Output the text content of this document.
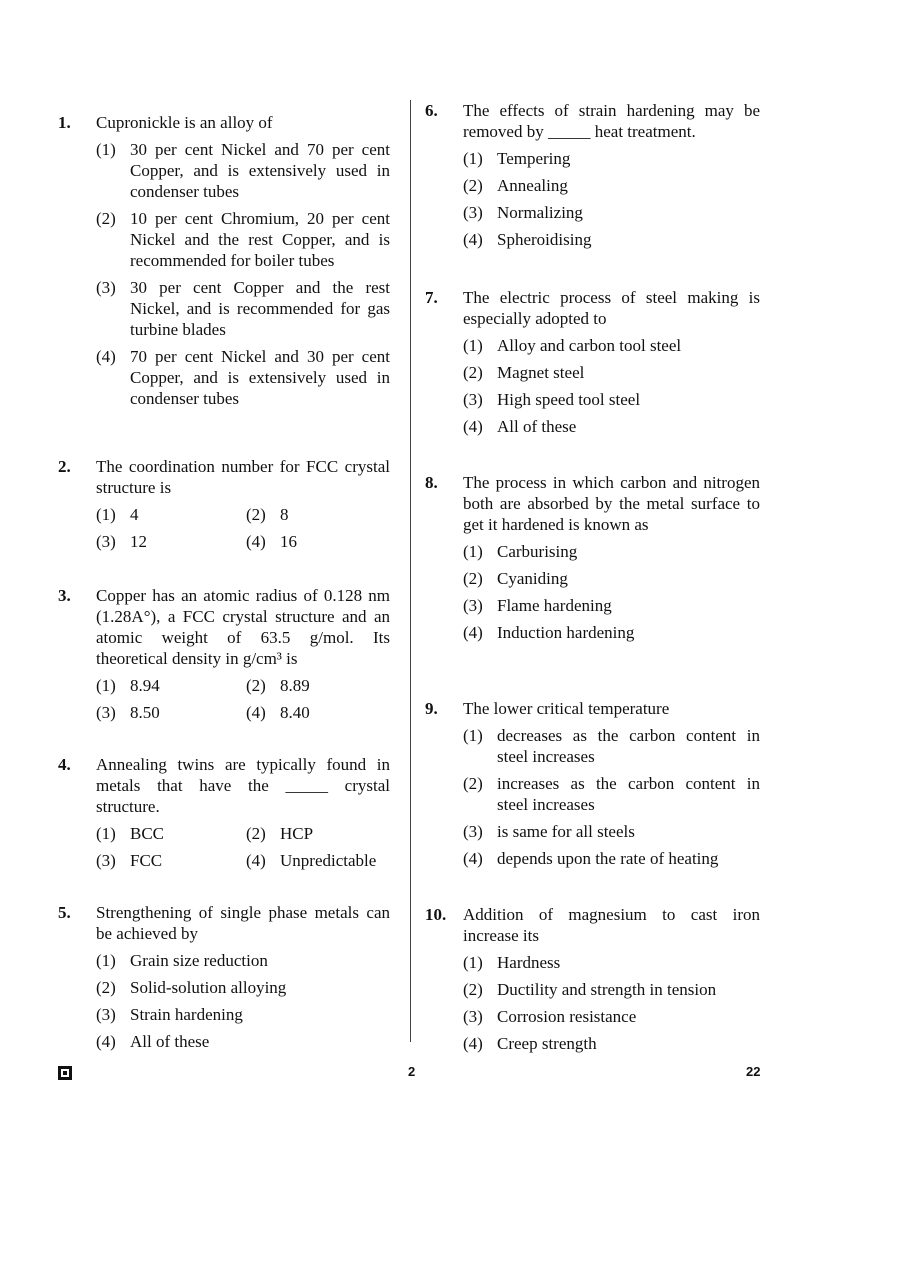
1. Cupronickle is an alloy of
(1) 30 per cent Nickel and 70 per cent Copper, and is extensively used in condenser tubes
(2) 10 per cent Chromium, 20 per cent Nickel and the rest Copper, and is recommended for boiler tubes
(3) 30 per cent Copper and the rest Nickel, and is recommended for gas turbine blades
(4) 70 per cent Nickel and 30 per cent Copper, and is extensively used in condenser tubes
2. The coordination number for FCC crystal structure is
(1) 4	(2) 8
(3) 12	(4) 16
3. Copper has an atomic radius of 0.128 nm (1.28A°), a FCC crystal structure and an atomic weight of 63.5 g/mol. Its theoretical density in g/cm³ is
(1) 8.94	(2) 8.89
(3) 8.50	(4) 8.40
4. Annealing twins are typically found in metals that have the _____ crystal structure.
(1) BCC	(2) HCP
(3) FCC	(4) Unpredictable
5. Strengthening of single phase metals can be achieved by
(1) Grain size reduction
(2) Solid-solution alloying
(3) Strain hardening
(4) All of these
6. The effects of strain hardening may be removed by _____ heat treatment.
(1) Tempering
(2) Annealing
(3) Normalizing
(4) Spheroidising
7. The electric process of steel making is especially adopted to
(1) Alloy and carbon tool steel
(2) Magnet steel
(3) High speed tool steel
(4) All of these
8. The process in which carbon and nitrogen both are absorbed by the metal surface to get it hardened is known as
(1) Carburising
(2) Cyaniding
(3) Flame hardening
(4) Induction hardening
9. The lower critical temperature
(1) decreases as the carbon content in steel increases
(2) increases as the carbon content in steel increases
(3) is same for all steels
(4) depends upon the rate of heating
10. Addition of magnesium to cast iron increase its
(1) Hardness
(2) Ductility and strength in tension
(3) Corrosion resistance
(4) Creep strength
2	22
